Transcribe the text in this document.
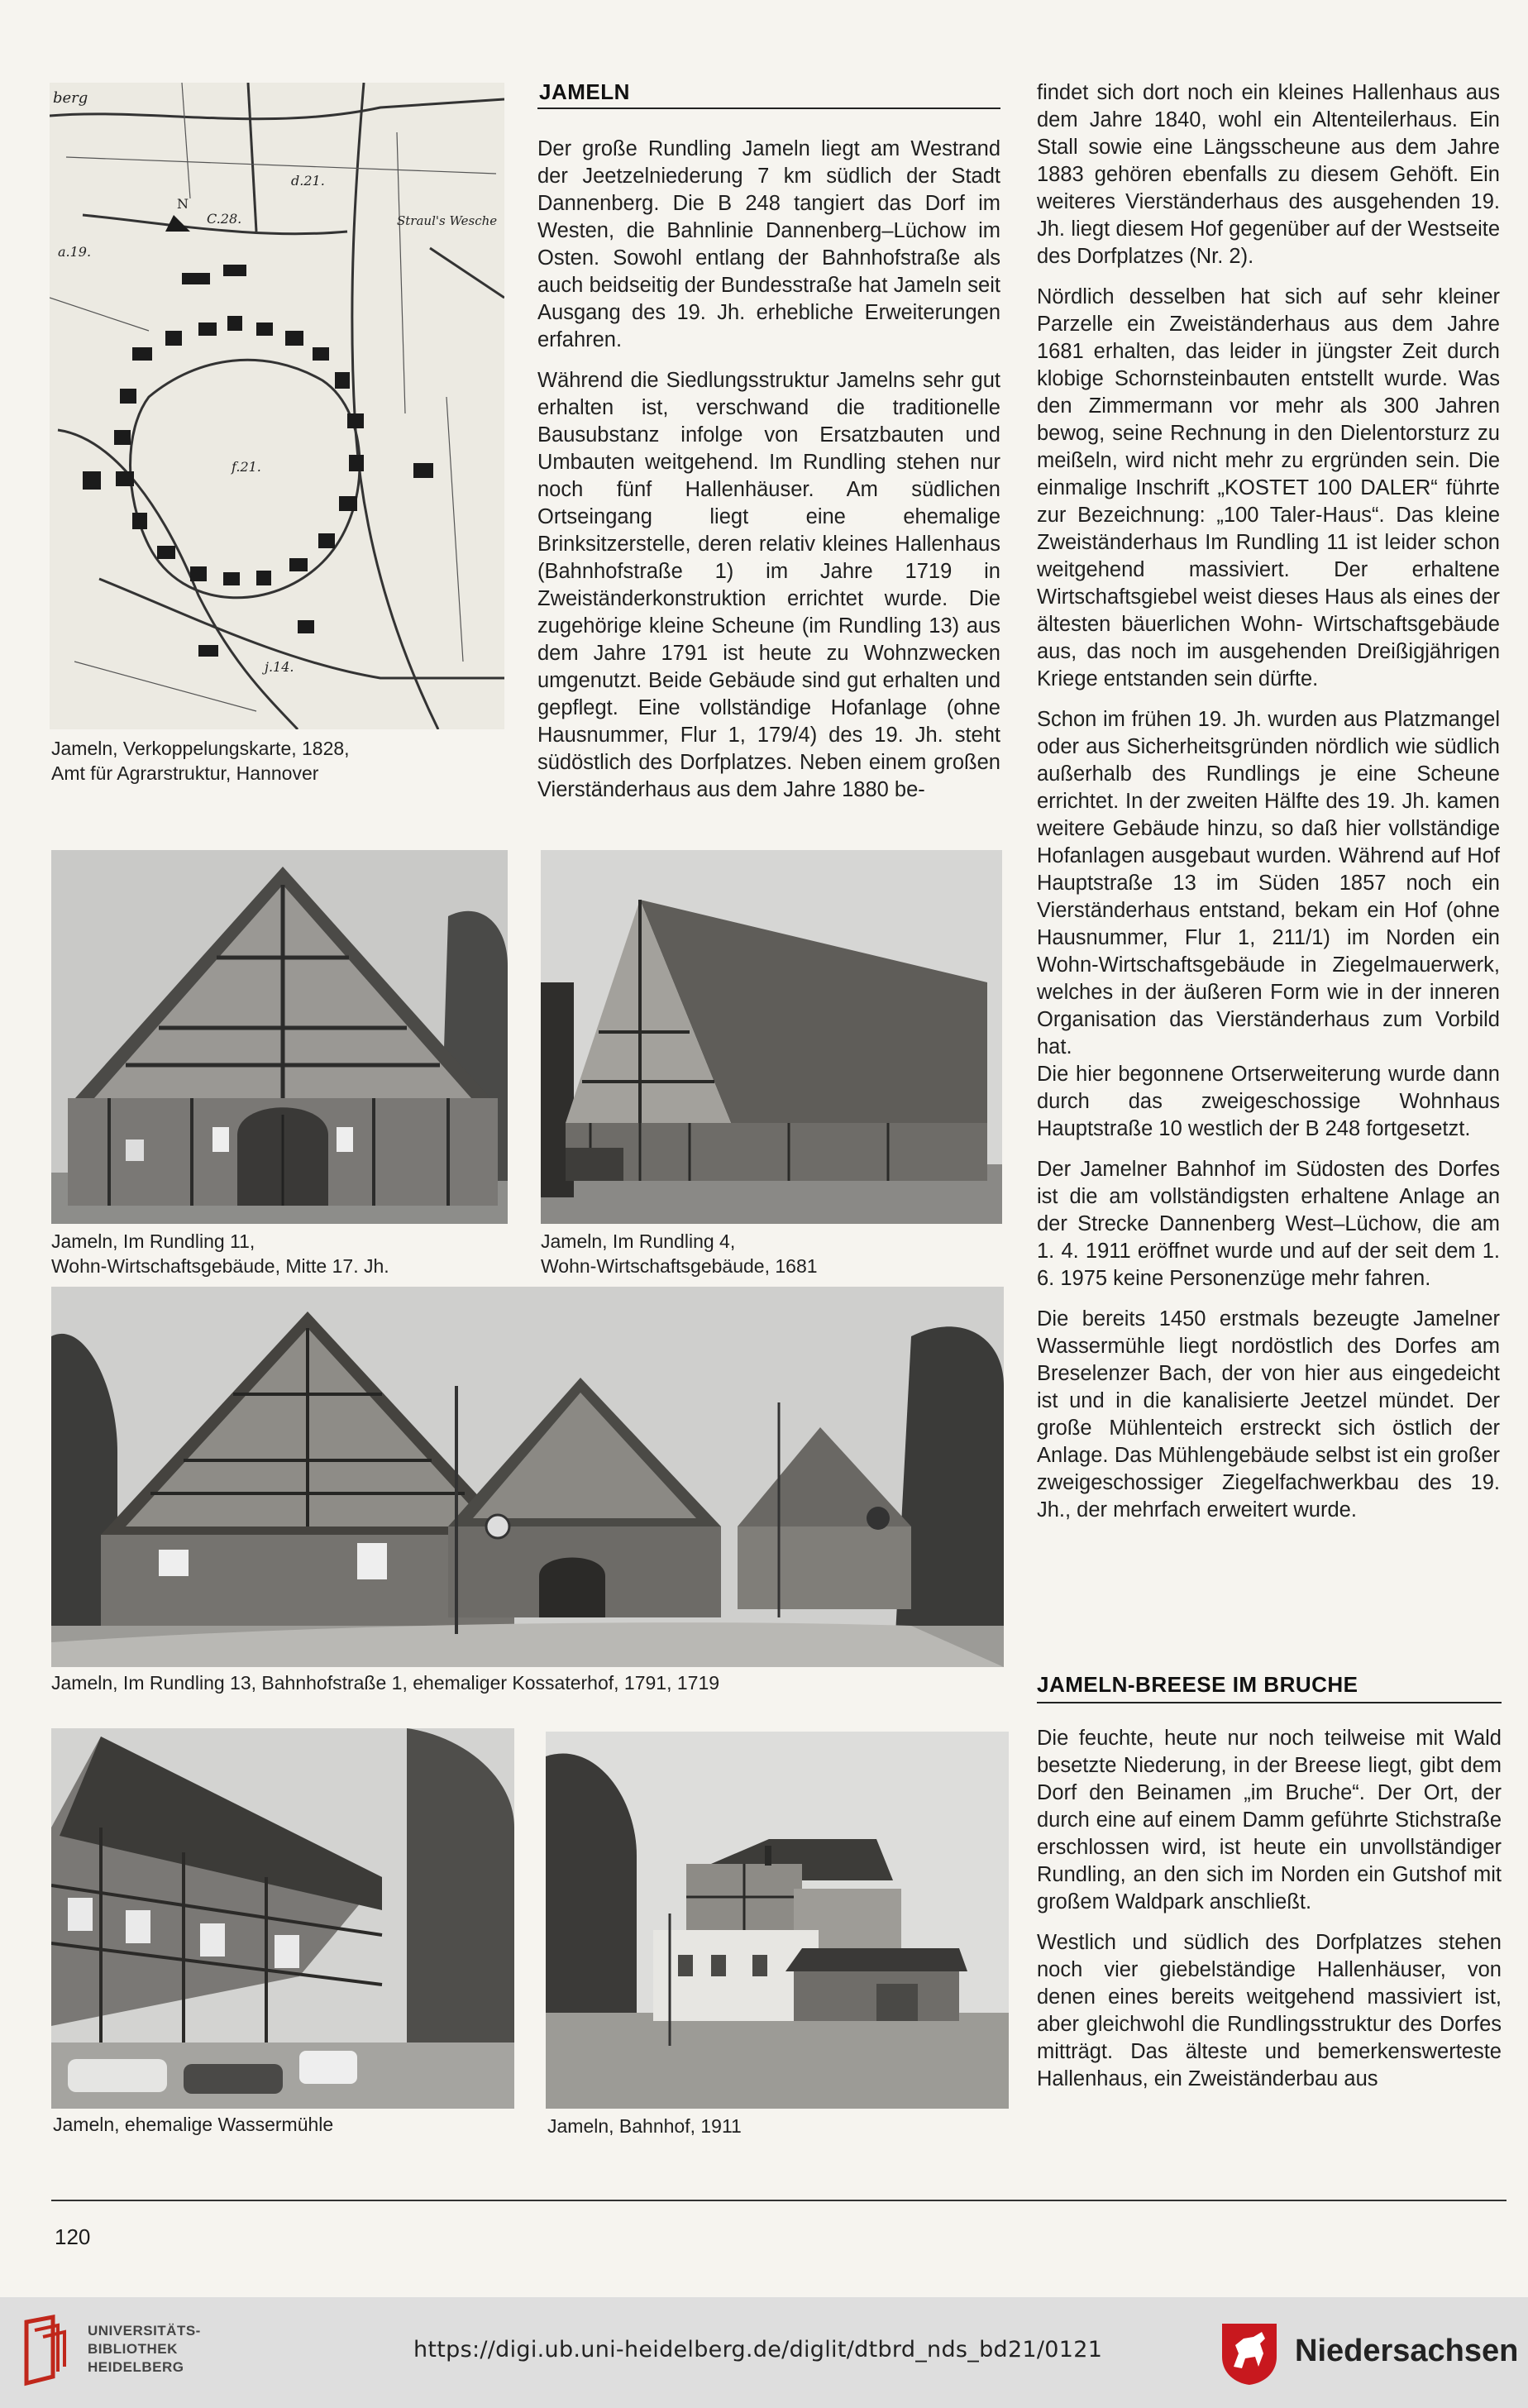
berg
N
C.28.
d.21.
a.19.
Straul's Wesche
f.21.
j.14.
Jameln, Verkoppelungskarte, 1828,
Amt für Agrarstruktur, Hannover
JAMELN

Der große Rundling Jameln liegt am Westrand der Jeetzelniederung 7 km südlich der Stadt Dannenberg. Die B 248 tangiert das Dorf im Westen, die Bahnlinie Dannenberg–Lüchow im Osten. Sowohl entlang der Bahnhofstraße als auch beidseitig der Bundesstraße hat Jameln seit Ausgang des 19. Jh. erhebliche Erweiterungen erfahren.

Während die Siedlungsstruktur Jamelns sehr gut erhalten ist, verschwand die traditionelle Bausubstanz infolge von Ersatzbauten und Umbauten weitgehend. Im Rundling stehen nur noch fünf Hallenhäuser. Am südlichen Ortseingang liegt eine ehemalige Brinksitzerstelle, deren relativ kleines Hallenhaus (Bahnhofstraße 1) im Jahre 1719 in Zweiständerkonstruktion errichtet wurde. Die zugehörige kleine Scheune (im Rundling 13) aus dem Jahre 1791 ist heute zu Wohnzwecken umgenutzt. Beide Gebäude sind gut erhalten und gepflegt. Eine vollständige Hofanlage (ohne Hausnummer, Flur 1, 179/4) des 19. Jh. steht südöstlich des Dorfplatzes. Neben einem großen Vierständerhaus aus dem Jahre 1880 be-

findet sich dort noch ein kleines Hallenhaus aus dem Jahre 1840, wohl ein Altenteilerhaus. Ein Stall sowie eine Längsscheune aus dem Jahre 1883 gehören ebenfalls zu diesem Gehöft. Ein weiteres Vierständerhaus des ausgehenden 19. Jh. liegt diesem Hof gegenüber auf der Westseite des Dorfplatzes (Nr. 2).

Nördlich desselben hat sich auf sehr kleiner Parzelle ein Zweiständerhaus aus dem Jahre 1681 erhalten, das leider in jüngster Zeit durch klobige Schornsteinbauten entstellt wurde. Was den Zimmermann vor mehr als 300 Jahren bewog, seine Rechnung in den Dielentorsturz zu meißeln, wird nicht mehr zu ergründen sein. Die einmalige Inschrift „KOSTET 100 DALER“ führte zur Bezeichnung: „100 Taler-Haus“. Das kleine Zweiständerhaus Im Rundling 11 ist leider schon weitgehend massiviert. Der erhaltene Wirtschaftsgiebel weist dieses Haus als eines der ältesten bäuerlichen Wohn- Wirtschaftsgebäude aus, das noch im ausgehenden Dreißigjährigen Kriege entstanden sein dürfte.

Schon im frühen 19. Jh. wurden aus Platzmangel oder aus Sicherheitsgründen nördlich wie südlich außerhalb des Rundlings je eine Scheune errichtet. In der zweiten Hälfte des 19. Jh. kamen weitere Gebäude hinzu, so daß hier vollständige Hofanlagen ausgebaut wurden. Während auf Hof Hauptstraße 13 im Süden 1857 noch ein Vierständerhaus entstand, bekam ein Hof (ohne Hausnummer, Flur 1, 211/1) im Norden ein Wohn-Wirtschaftsgebäude in Ziegelmauerwerk, welches in der äußeren Form wie in der inneren Organisation das Vierständerhaus zum Vorbild hat.

Die hier begonnene Ortserweiterung wurde dann durch das zweigeschossige Wohnhaus Hauptstraße 10 westlich der B 248 fortgesetzt.

Der Jamelner Bahnhof im Südosten des Dorfes ist die am vollständigsten erhaltene Anlage an der Strecke Dannenberg West–Lüchow, die am 1. 4. 1911 eröffnet wurde und auf der seit dem 1. 6. 1975 keine Personenzüge mehr fahren.

Die bereits 1450 erstmals bezeugte Jamelner Wassermühle liegt nordöstlich des Dorfes am Breselenzer Bach, der von hier aus eingedeicht ist und in die kanalisierte Jeetzel mündet. Der große Mühlenteich erstreckt sich östlich der Anlage. Das Mühlengebäude selbst ist ein großer zweigeschossiger Ziegelfachwerkbau des 19. Jh., der mehrfach erweitert wurde.

Jameln, Im Rundling 11,
Wohn-Wirtschaftsgebäude, Mitte 17. Jh.
Jameln, Im Rundling 4,
Wohn-Wirtschaftsgebäude, 1681
Jameln, Im Rundling 13, Bahnhofstraße 1, ehemaliger Kossaterhof, 1791, 1719	JAMELN-BREESE IM BRUCHE

Die feuchte, heute nur noch teilweise mit Wald besetzte Niederung, in der Breese liegt, gibt dem Dorf den Beinamen „im Bruche“. Der Ort, der durch eine auf einem Damm geführte Stichstraße erschlossen wird, ist heute ein unvollständiger Rundling, an den sich im Norden ein Gutshof mit großem Waldpark anschließt.

Westlich und südlich des Dorfplatzes stehen noch vier giebelständige Hallenhäuser, von denen eines bereits weitgehend massiviert ist, aber gleichwohl die Rundlingsstruktur des Dorfes mitträgt. Das älteste und bemerkenswerteste Hallenhaus, ein Zweiständerbau aus

Jameln, ehemalige Wassermühle	Jameln, Bahnhof, 1911
120
UNIVERSITÄTS-
BIBLIOTHEK
HEIDELBERG
https://digi.ub.uni-heidelberg.de/diglit/dtbrd_nds_bd21/0121	Niedersachsen
